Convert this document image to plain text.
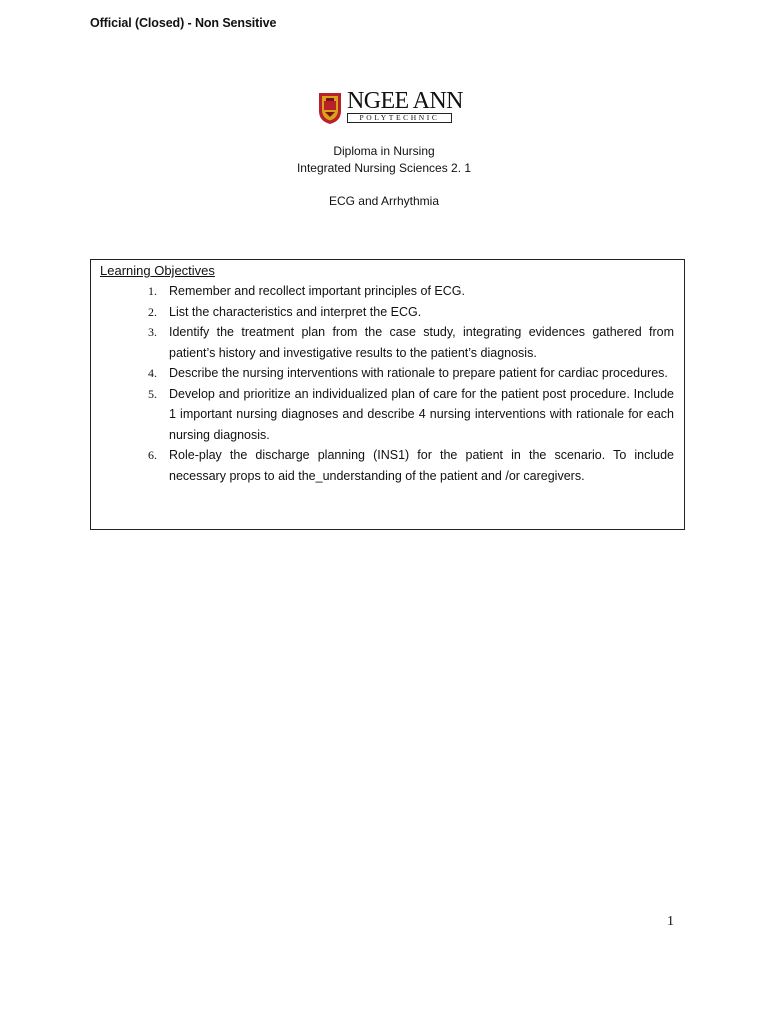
Official (Closed) - Non Sensitive
NGEE ANN
POLYTECHNIC
Diploma in Nursing
Integrated Nursing Sciences 2. 1
ECG and Arrhythmia
Learning Objectives
1. Remember and recollect important principles of ECG.
2. List the characteristics and interpret the ECG.
3. Identify the treatment plan from the case study, integrating evidences gathered from patient’s history and investigative results to the patient’s diagnosis.
4. Describe the nursing interventions with rationale to prepare patient for cardiac procedures.
5. Develop and prioritize an individualized plan of care for the patient post procedure. Include 1 important nursing diagnoses and describe 4 nursing interventions with rationale for each nursing diagnosis.
6. Role-play the discharge planning (INS1) for the patient in the scenario. To include necessary props to aid the_understanding of the patient and /or caregivers.
1
